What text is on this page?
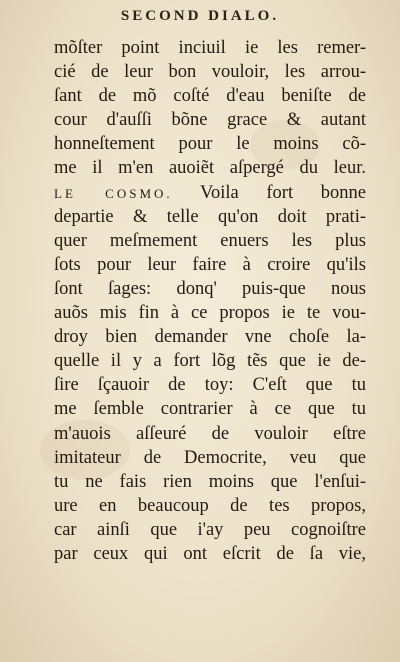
SECOND DIALO.
mõſter point inciuil ie les remer-
cié de leur bon vouloir, les arrou-
ſant de mõ coſté d'eau beniſte de
cour d'auſſi bõne grace & autant
honneſtement pour le moins cõ-
me il m'en auoiẽt aſpergé du leur.
LE COSMO. Voila fort bonne
departie & telle qu'on doit prati-
quer meſmement enuers les plus
ſots pour leur faire à croire qu'ils
ſont ſages: donq' puis-que nous
auõs mis fin à ce propos ie te vou-
droy bien demander vne choſe la-
quelle il y a fort lõg tẽs que ie de-
ſire ſçauoir de toy: C'eſt que tu
me ſemble contrarier à ce que tu
m'auois aſſeuré de vouloir eſtre
imitateur de Democrite, veu que
tu ne fais rien moins que l'enſui-
ure en beaucoup de tes propos,
car ainſi que i'ay peu cognoiſtre
par ceux qui ont eſcrit de ſa vie,
